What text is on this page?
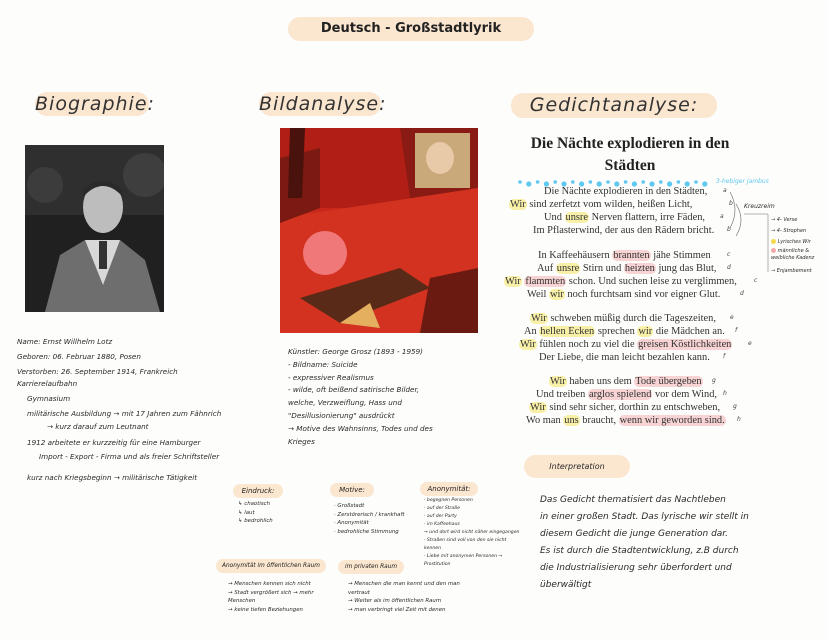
Deutsch - Großstadtlyrik
Biographie:	Bildanalyse:	Gedichtanalyse:
Name: Ernst Willhelm Lotz
Geboren: 06. Februar 1880, Posen
Verstorben: 26. September 1914, Frankreich
Karrierelaufbahn
Gymnasium
militärische Ausbildung → mit 17 Jahren zum Fähnrich
→ kurz darauf zum Leutnant
1912 arbeitete er kurzzeitig für eine Hamburger
Import - Export - Firma und als freier Schriftsteller
kurz nach Kriegsbeginn → militärische Tätigkeit
Künstler: George Grosz (1893 - 1959)
- Bildname: Suicide
- expressiver Realismus
- wilde, oft beißend satirische Bilder,
welche, Verzweiflung, Hass und
"Desillusionierung" ausdrückt
→ Motive des Wahnsinns, Todes und des
Krieges
Eindruck:
↳ chaotisch
↳ laut
↳ bedrohlich
Motive:
· Großstadt
· Zerstörerisch / krankhaft
· Anonymität
· bedrohliche Stimmung
Anonymität:
· begegnen Personen
· auf der Straße
· auf der Party
· im Kaffeehaus
→ und dort wird nicht näher eingegangen
· Straßen sind voll von den sie nicht kennen
· Liebe mit anonymen Personen → Prostitution
Anonymität im öffentlichen Raum
→ Menschen kennen sich nicht
→ Stadt vergrößert sich → mehr Menschen
→ keine tiefen Beziehungen
im privaten Raum
→ Menschen die man kennt und den man vertraut
→ Weiter als im öffentlichen Raum
→ man verbringt viel Zeit mit denen
Die Nächte explodieren in den
Städten
3-hebiger Jambus
Die Nächte explodieren in den Städten,
Wir sind zerfetzt vom wilden, heißen Licht,
Und unsre Nerven flattern, irre Fäden,
Im Pflasterwind, der aus den Rädern bricht.
In Kaffeehäusern brannten jähe Stimmen
Auf unsre Stirn und heizten jung das Blut,
Wir flammten schon. Und suchen leise zu verglimmen,
Weil wir noch furchtsam sind vor eigner Glut.
Wir schweben müßig durch die Tageszeiten,
An hellen Ecken sprechen wir die Mädchen an.
Wir fühlen noch zu viel die greisen Köstlichkeiten
Der Liebe, die man leicht bezahlen kann.
Wir haben uns dem Tode übergeben
Und treiben arglos spielend vor dem Wind,
Wir sind sehr sicher, dorthin zu entschweben,
Wo man uns braucht, wenn wir geworden sind.
a
b
a
b
c
d
c
d
e
f
e
f
g
h
g
h
Kreuzreim
→ 4- Verse
→ 4- Strophen
Lyrisches Wir
männliche & weibliche Kadenz
→ Enjambement
Interpretation
Das Gedicht thematisiert das Nachtleben
in einer großen Stadt. Das lyrische wir stellt in
diesem Gedicht die junge Generation dar.
Es ist durch die Stadtentwicklung, z.B durch
die Industrialisierung sehr überfordert und
überwältigt
